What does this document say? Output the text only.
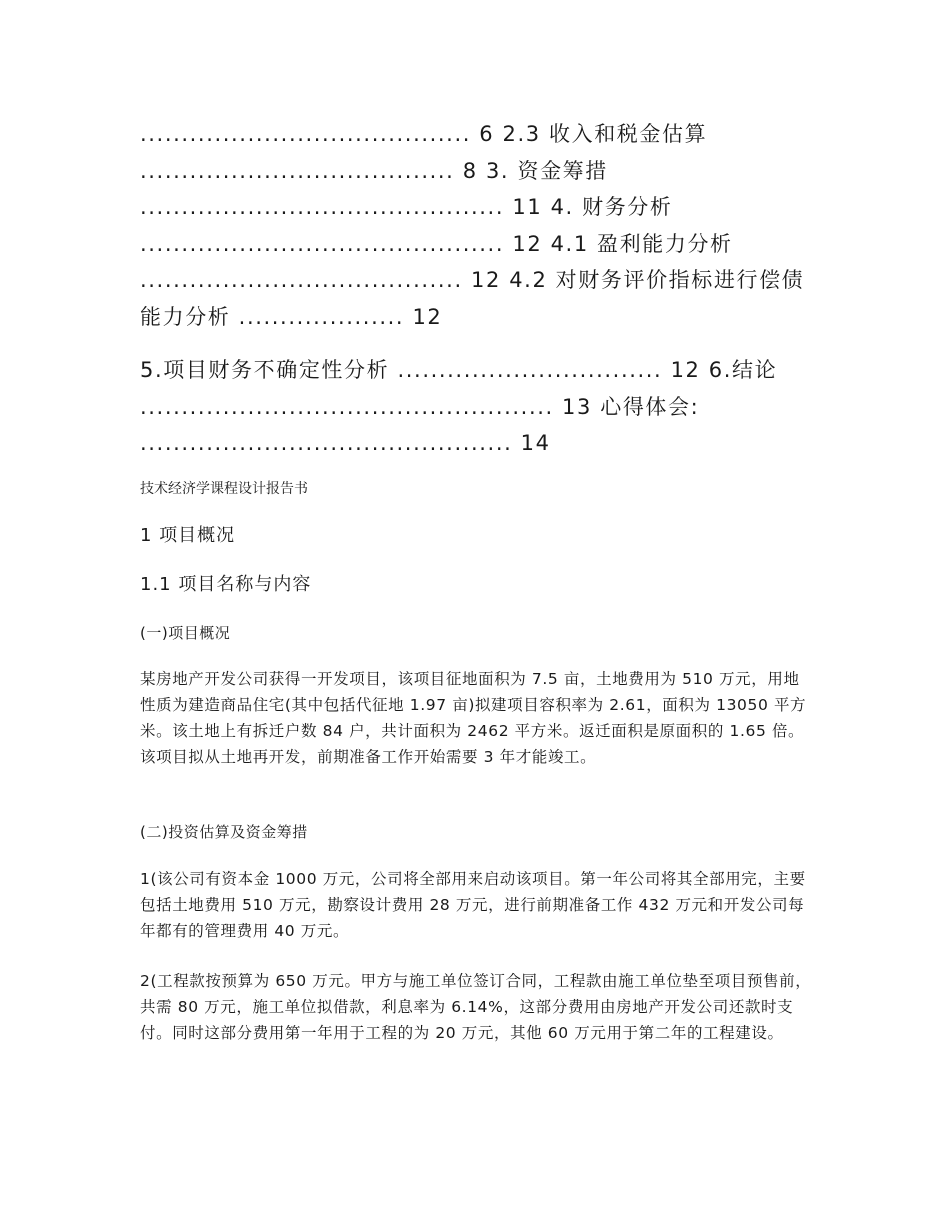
........................................ 6 2.3 收入和税金估算
...................................... 8 3. 资金筹措
............................................ 11 4. 财务分析
............................................ 12 4.1 盈利能力分析
....................................... 12 4.2 对财务评价指标进行偿债
能力分析 .................... 12
5.项目财务不确定性分析 ................................ 12 6.结论
.................................................. 13 心得体会:
............................................. 14
技术经济学课程设计报告书
1 项目概况
1.1 项目名称与内容
(一)项目概况
某房地产开发公司获得一开发项目，该项目征地面积为 7.5 亩，土地费用为 510 万元，用地性质为建造商品住宅(其中包括代征地 1.97 亩)拟建项目容积率为 2.61，面积为 13050 平方米。该土地上有拆迁户数 84 户，共计面积为 2462 平方米。返迁面积是原面积的 1.65 倍。该项目拟从土地再开发，前期准备工作开始需要 3 年才能竣工。
(二)投资估算及资金筹措
1(该公司有资本金 1000 万元，公司将全部用来启动该项目。第一年公司将其全部用完，主要包括土地费用 510 万元，勘察设计费用 28 万元，进行前期准备工作 432 万元和开发公司每年都有的管理费用 40 万元。
2(工程款按预算为 650 万元。甲方与施工单位签订合同，工程款由施工单位垫至项目预售前，共需 80 万元，施工单位拟借款，利息率为 6.14%，这部分费用由房地产开发公司还款时支付。同时这部分费用第一年用于工程的为 20 万元，其他 60 万元用于第二年的工程建设。
